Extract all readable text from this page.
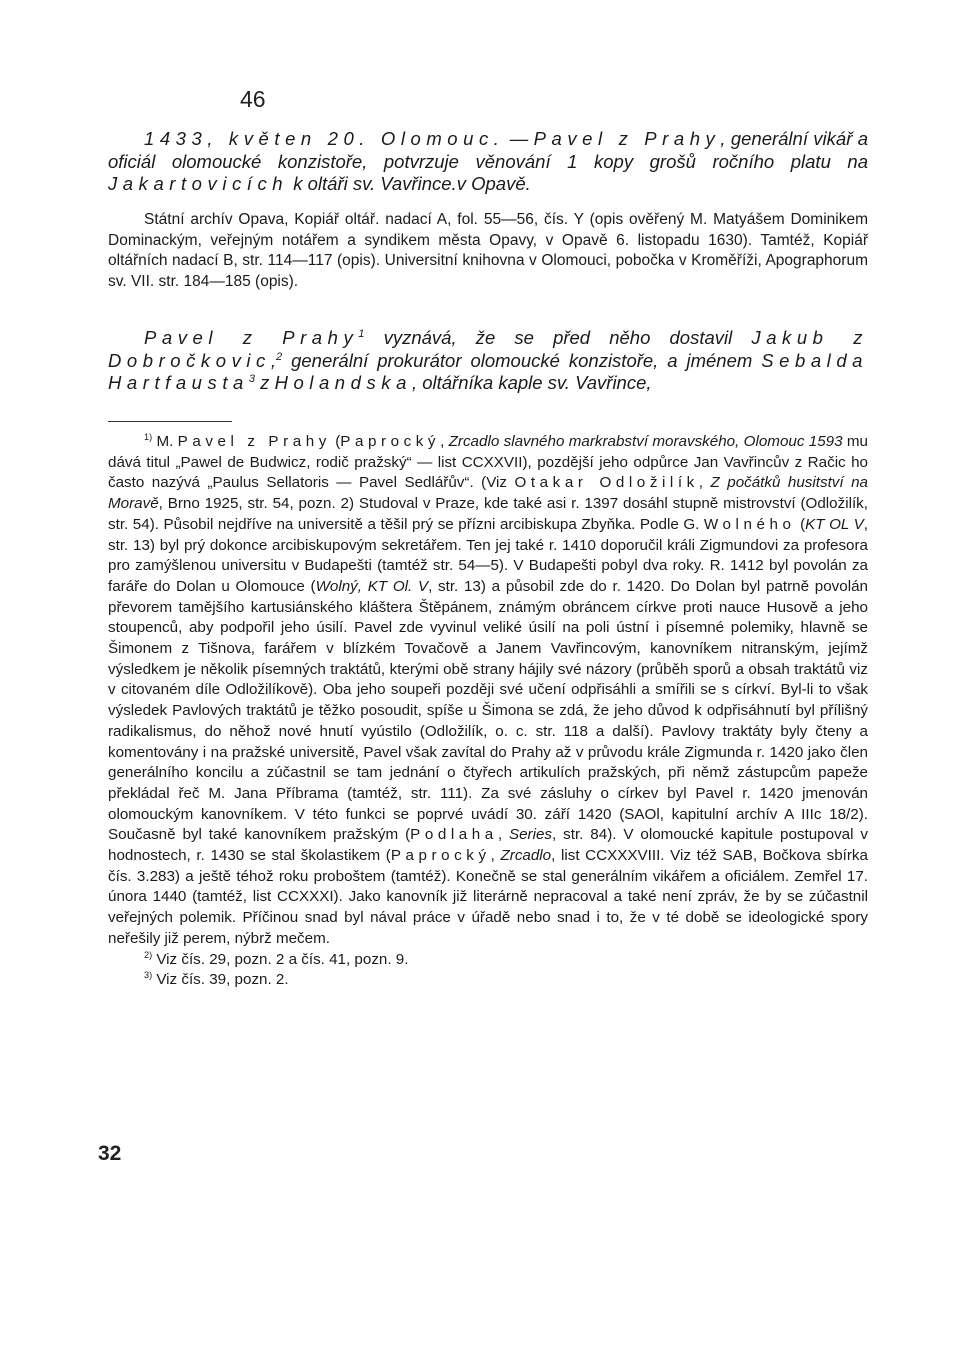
46
1433, květen 20. Olomouc. — Pavel z Prahy, generální vikář a oficiál olomoucké konzistoře, potvrzuje věnování 1 kopy grošů ročního platu na Jakartovicích k oltáři sv. Vavřince.v Opavě.

Státní archív Opava, Kopiář oltář. nadací A, fol. 55—56, čís. Y (opis ověřený M. Matyášem Dominikem Dominackým, veřejným notářem a syndikem města Opavy, v Opavě 6. listopadu 1630). Tamtéž, Kopiář oltářních nadací B, str. 114—117 (opis). Universitní knihovna v Olomouci, pobočka v Kroměříži, Apographorum sv. VII. str. 184—185 (opis).

Pavel z Prahy$^1$ vyznává, že se před něho dostavil Jakub z Dobročkovic,$^2$ generální prokurátor olomoucké konzistoře, a jménem Sebalda Hartfausta$^3$ z Holandska, oltářníka kaple sv. Vavřince,

$^{1)}$ M. Pavel z Prahy (Paprocký, Zrcadlo slavného markrabství moravského, Olomouc 1593 mu dává titul „Pawel de Budwicz, rodič pražský“ — list CCXXVII), pozdější jeho odpůrce Jan Vavřincův z Račic ho často nazývá „Paulus Sellatoris — Pavel Sedlářův“. (Viz Otakar Odložilík, Z počátků husitství na Moravě, Brno 1925, str. 54, pozn. 2) Studoval v Praze, kde také asi r. 1397 dosáhl stupně mistrovství (Odložilík, str. 54). Působil nejdříve na universitě a těšil prý se přízni arcibiskupa Zbyňka. Podle G. Wolného (KT OL V, str. 13) byl prý dokonce arcibiskupovým sekretářem. Ten jej také r. 1410 doporučil králi Zigmundovi za profesora pro zamýšlenou universitu v Budapešti (tamtéž str. 54—5). V Budapešti pobyl dva roky. R. 1412 byl povolán za faráře do Dolan u Olomouce (Wolný, KT Ol. V, str. 13) a působil zde do r. 1420. Do Dolan byl patrně povolán převorem tamějšího kartusiánského kláštera Štěpánem, známým obráncem církve proti nauce Husově a jeho stoupenců, aby podpořil jeho úsilí. Pavel zde vyvinul veliké úsilí na poli ústní i písemné polemiky, hlavně se Šimonem z Tišnova, farářem v blízkém Tovačově a Janem Vavřincovým, kanovníkem nitranským, jejímž výsledkem je několik písemných traktátů, kterými obě strany hájily své názory (průběh sporů a obsah traktátů viz v citovaném díle Odložilíkově). Oba jeho soupeři později své učení odpřisáhli a smířili se s církví. Byl-li to však výsledek Pavlových traktátů je těžko posoudit, spíše u Šimona se zdá, že jeho důvod k odpřisáhnutí byl přílišný radikalismus, do něhož nové hnutí vyústilo (Odložilík, o. c. str. 118 a další). Pavlovy traktáty byly čteny a komentovány i na pražské universitě, Pavel však zavítal do Prahy až v průvodu krále Zigmunda r. 1420 jako člen generálního koncilu a zúčastnil se tam jednání o čtyřech artikulích pražských, při němž zástupcům papeže překládal řeč M. Jana Příbrama (tamtéž, str. 111). Za své zásluhy o církev byl Pavel r. 1420 jmenován olomouckým kanovníkem. V této funkci se poprvé uvádí 30. září 1420 (SAOl, kapitulní archív A IIIc 18/2). Současně byl také kanovníkem pražským (Podlaha, Series, str. 84). V olomoucké kapitule postupoval v hodnostech, r. 1430 se stal školastikem (Paprocký, Zrcadlo, list CCXXXVIII. Viz též SAB, Bočkova sbírka čís. 3.283) a ještě téhož roku proboštem (tamtéž). Konečně se stal generálním vikářem a oficiálem. Zemřel 17. února 1440 (tamtéž, list CCXXXI). Jako kanovník již literárně nepracoval a také není zpráv, že by se zúčastnil veřejných polemik. Příčinou snad byl nával práce v úřadě nebo snad i to, že v té době se ideologické spory neřešily již perem, nýbrž mečem.

$^{2)}$ Viz čís. 29, pozn. 2 a čís. 41, pozn. 9.

$^{3)}$ Viz čís. 39, pozn. 2.

32
